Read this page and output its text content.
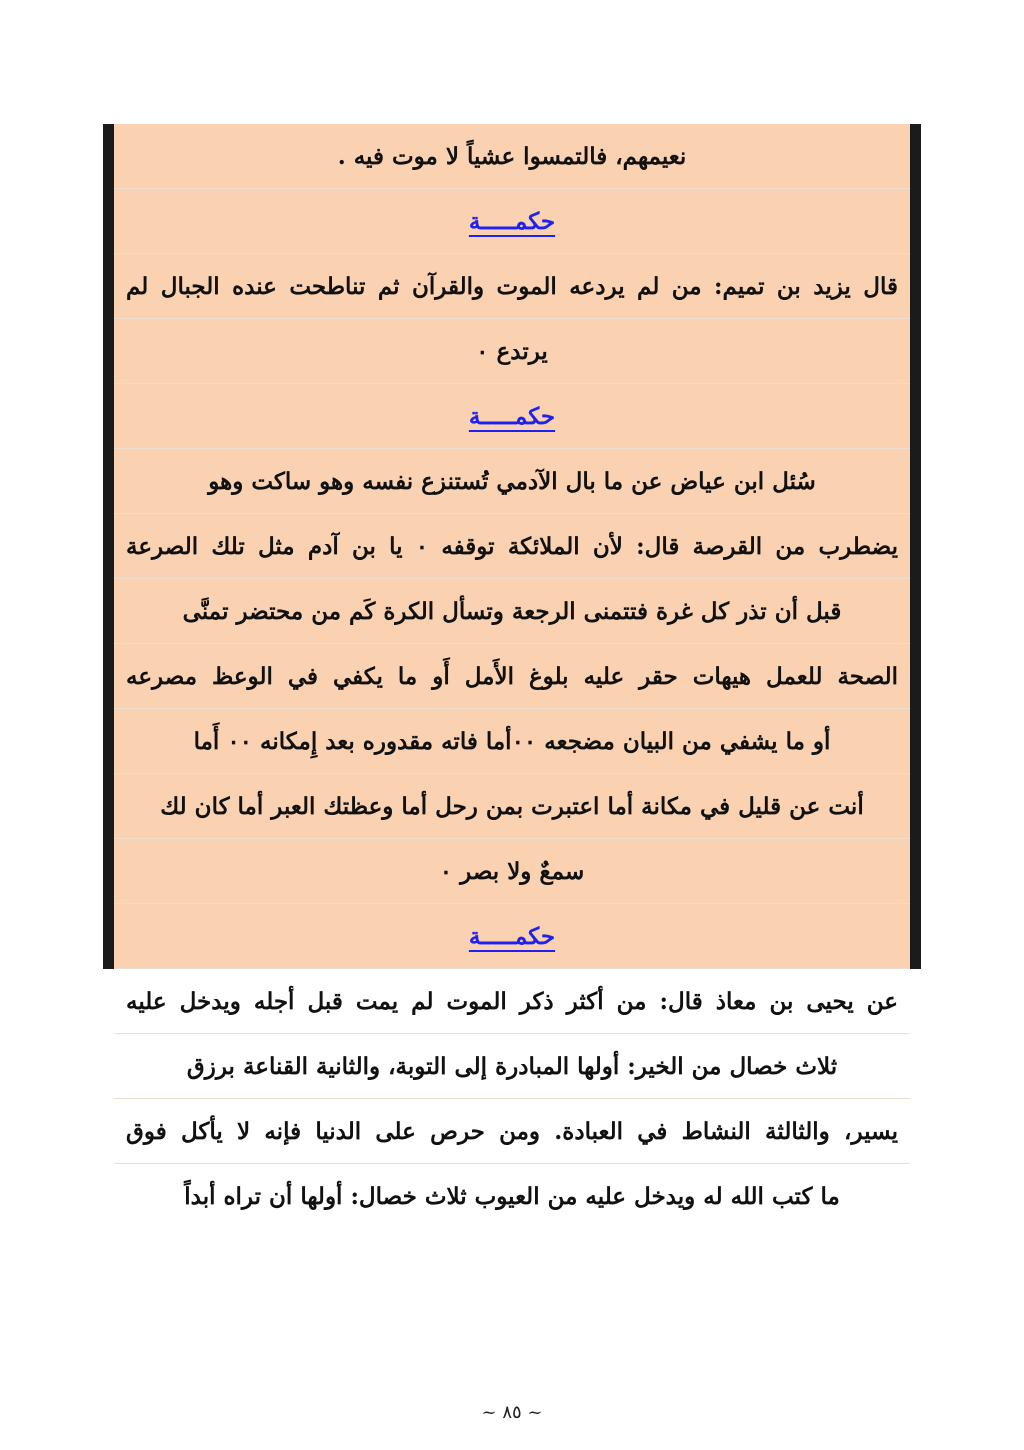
نعيمهم، فالتمسوا عشياً لا موت فيه .
حكمـــــة
قال يزيد بن تميم: من لم يردعه الموت والقرآن ثم تناطحت عنده الجبال لم
يرتدع ٠
حكمـــــة
سُئل ابن عياض عن ما بال الآدمي تُستنزع نفسه وهو ساكت وهو
يضطرب من القرصة قال: لأن الملائكة توقفه ٠ يا بن آدم مثل تلك الصرعة
قبل أن تذر كل غرة فتتمنى الرجعة وتسأل الكرة كَم من محتضر تمنَّى
الصحة للعمل هيهات حقر عليه بلوغ الأَمل أَو ما يكفي في الوعظ مصرعه
أو ما يشفي من البيان مضجعه ٠٠أما فاته مقدوره بعد إِمكانه ٠٠ أَما
أنت عن قليل في مكانة أما اعتبرت بمن رحل أما وعظتك العبر أما كان لك
سمعٌ ولا بصر ٠
حكمـــــة
عن يحيى بن معاذ قال: من أكثر ذكر الموت لم يمت قبل أجله ويدخل عليه
ثلاث خصال من الخير: أولها المبادرة إلى التوبة، والثانية القناعة برزق
يسير، والثالثة النشاط في العبادة. ومن حرص على الدنيا فإنه لا يأكل فوق
ما كتب الله له ويدخل عليه من العيوب ثلاث خصال: أولها أن تراه أبداً
~ ٨٥ ~
